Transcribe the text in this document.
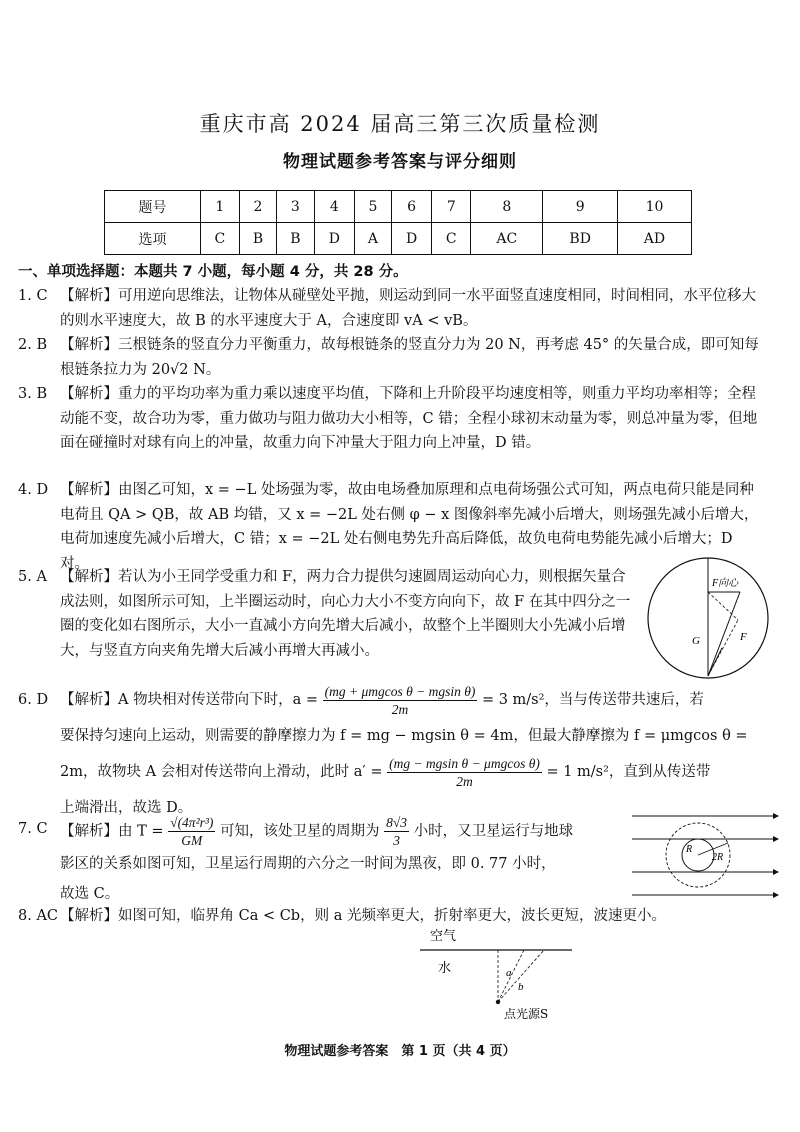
重庆市高 2024 届高三第三次质量检测
物理试题参考答案与评分细则
题号	1	2	3	4	5	6	7	8	9	10
选项	C	B	B	D	A	D	C	AC	BD	AD
一、单项选择题：本题共 7 小题，每小题 4 分，共 28 分。
1. C 【解析】可用逆向思维法，让物体从碰壁处平抛，则运动到同一水平面竖直速度相同，时间相同，水平位移大的则水平速度大，故 B 的水平速度大于 A，合速度即 vA < vB。
2. B 【解析】三根链条的竖直分力平衡重力，故每根链条的竖直分力为 20 N，再考虑 45° 的矢量合成，即可知每根链条拉力为 20√2 N。
3. B 【解析】重力的平均功率为重力乘以速度平均值，下降和上升阶段平均速度相等，则重力平均功率相等；全程动能不变，故合功为零，重力做功与阻力做功大小相等，C 错；全程小球初末动量为零，则总冲量为零，但地面在碰撞时对球有向上的冲量，故重力向下冲量大于阻力向上冲量，D 错。
4. D 【解析】由图乙可知，x = −L 处场强为零，故由电场叠加原理和点电荷场强公式可知，两点电荷只能是同种电荷且 QA > QB，故 AB 均错，又 x = −2L 处右侧 φ − x 图像斜率先减小后增大，则场强先减小后增大，电荷加速度先减小后增大，C 错；x = −2L 处右侧电势先升高后降低，故负电荷电势能先减小后增大；D 对。
5. A 【解析】若认为小王同学受重力和 F，两力合力提供匀速圆周运动向心力，则根据矢量合成法则，如图所示可知，上半圈运动时，向心力大小不变方向向下，故 F 在其中四分之一圈的变化如右图所示，大小一直减小方向先增大后减小，故整个上半圈则大小先减小后增大，与竖直方向夹角先增大后减小再增大再减小。
F向心
G	F
6. D 【解析】A 物块相对传送带向下时，$a = \frac{\text{(mg + μmgcos θ − mgsin θ)}}{2m} = 3$ m/s²，当与传送带共速后，若
要保持匀速向上运动，则需要的静摩擦力为 f = mg − mgsin θ = 4m，但最大静摩擦为 f = μmgcos θ =
2m，故物块 A 会相对传送带向上滑动，此时 $a' = \frac{\text{(mg − mgsin θ − μmgcos θ)}}{2m} = 1$ m/s²，直到从传送带
上端滑出，故选 D。
7. C 【解析】由 $T = \frac{\text{√(4π²r³)}}{GM}$ 可知，该处卫星的周期为 $\frac{8√3}{3}$ 小时，又卫星运行与地球
影区的关系如图可知，卫星运行周期的六分之一时间为黑夜，即 0. 77 小时，
故选 C。
R
2R
8. AC 【解析】如图可知，临界角 Ca < Cb，则 a 光频率更大，折射率更大，波长更短，波速更小。
空气
水	a
b
点光源S
物理试题参考答案　第 1 页（共 4 页）
